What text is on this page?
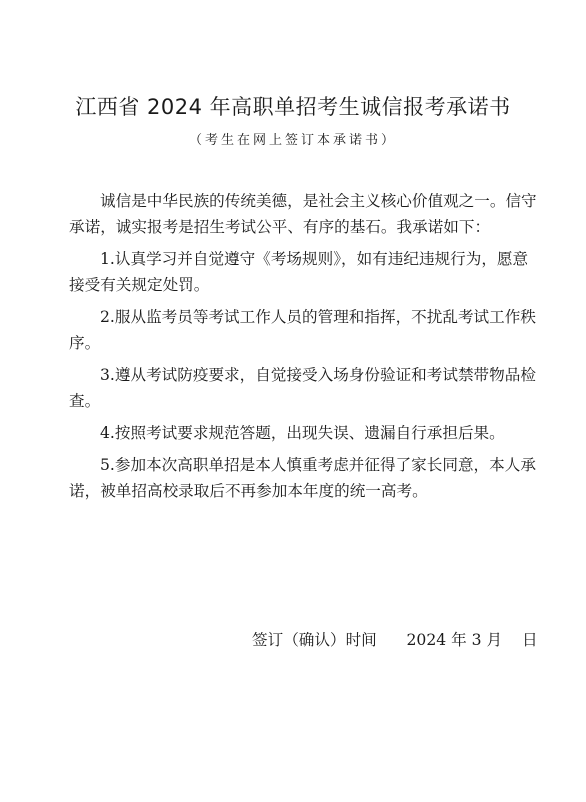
江西省 2024 年高职单招考生诚信报考承诺书
（考生在网上签订本承诺书）

诚信是中华民族的传统美德，是社会主义核心价值观之一。信守
承诺，诚实报考是招生考试公平、有序的基石。我承诺如下：

1.认真学习并自觉遵守《考场规则》，如有违纪违规行为，愿意
接受有关规定处罚。

2.服从监考员等考试工作人员的管理和指挥，不扰乱考试工作秩
序。

3.遵从考试防疫要求，自觉接受入场身份验证和考试禁带物品检
查。

4.按照考试要求规范答题，出现失误、遗漏自行承担后果。

5.参加本次高职单招是本人慎重考虑并征得了家长同意，本人承
诺，被单招高校录取后不再参加本年度的统一高考。

签订（确认）时间      2024 年 3 月    日
